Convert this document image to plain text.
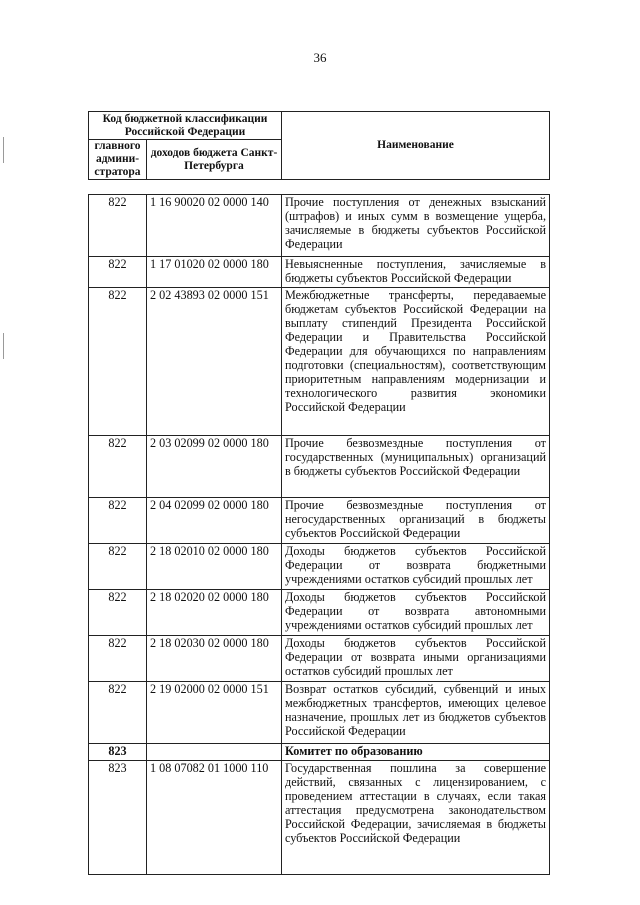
36
Код бюджетной классификации Российской Федерации		Наименование
главного админи-стратора	доходов бюджета Санкт-Петербурга	
822	1 16 90020 02 0000 140	Прочие поступления от денежных взысканий (штрафов) и иных сумм в возмещение ущерба, зачисляемые в бюджеты субъектов Российской Федерации
822	1 17 01020 02 0000 180	Невыясненные поступления, зачисляемые в бюджеты субъектов Российской Федерации
822	2 02 43893 02 0000 151	Межбюджетные трансферты, передаваемые бюджетам субъектов Российской Федерации на выплату стипендий Президента Российской Федерации и Правительства Российской Федерации для обучающихся по направлениям подготовки (специальностям), соответствующим приоритетным направлениям модернизации и технологического развития экономики Российской Федерации
822	2 03 02099 02 0000 180	Прочие безвозмездные поступления от государственных (муниципальных) организаций в бюджеты субъектов Российской Федерации
822	2 04 02099 02 0000 180	Прочие безвозмездные поступления от негосударственных организаций в бюджеты субъектов Российской Федерации
822	2 18 02010 02 0000 180	Доходы бюджетов субъектов Российской Федерации от возврата бюджетными учреждениями остатков субсидий прошлых лет
822	2 18 02020 02 0000 180	Доходы бюджетов субъектов Российской Федерации от возврата автономными учреждениями остатков субсидий прошлых лет
822	2 18 02030 02 0000 180	Доходы бюджетов субъектов Российской Федерации от возврата иными организациями остатков субсидий прошлых лет
822	2 19 02000 02 0000 151	Возврат остатков субсидий, субвенций и иных межбюджетных трансфертов, имеющих целевое назначение, прошлых лет из бюджетов субъектов Российской Федерации
823		Комитет по образованию
823	1 08 07082 01 1000 110	Государственная пошлина за совершение действий, связанных с лицензированием, с проведением аттестации в случаях, если такая аттестация предусмотрена законодательством Российской Федерации, зачисляемая в бюджеты субъектов Российской Федерации
